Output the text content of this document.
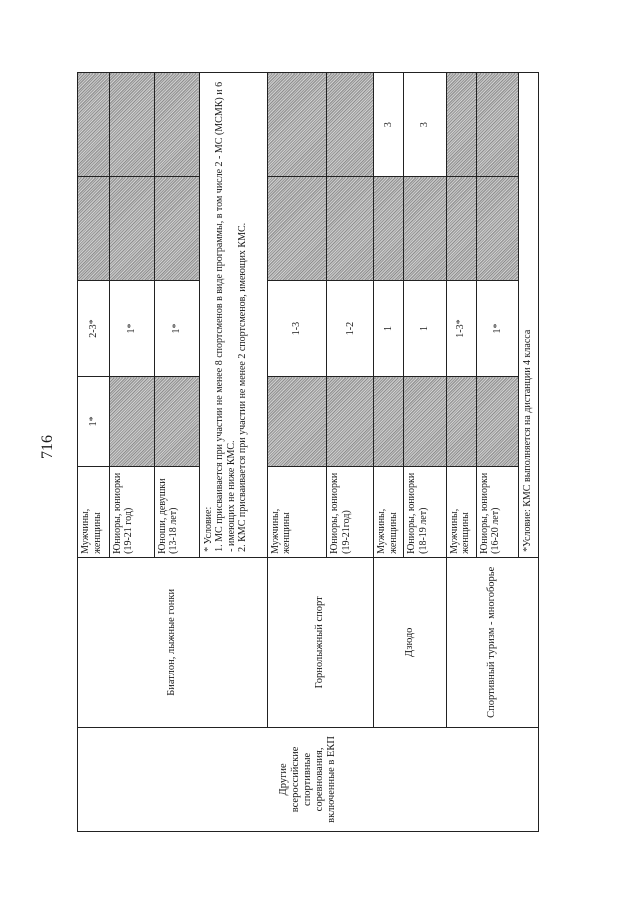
716
Другие всероссийские спортивные соревнования, включенные в ЕКП	Биатлон, лыжные гонки	Мужчины, женщины	1*	2-3*		
		Юниоры, юниорки (19-21 год)		1*		
		Юноши, девушки (13-18 лет)		1*		

		* Условие: 1. МС присваивается при участии не менее 8 спортсменов в виде программы, в том числе 2 - МС (МСМК) и 6 - имеющих не ниже КМС. 2. КМС присваивается при участии не менее 2 спортсменов, имеющих КМС.				

	Горнолыжный спорт	Мужчины, женщины		1-3		
		Юниоры, юниорки (19-21год)		1-2		
	Дзюдо	Мужчины, женщины		1		3
		Юниоры, юниорки (18-19 лет)		1		3
	Спортивный туризм - многоборье	Мужчины, женщины		1-3*		
		Юниоры, юниорки (16-20 лет)		1*		
		*Условие: КМС выполняется на дистанции 4 класса				
